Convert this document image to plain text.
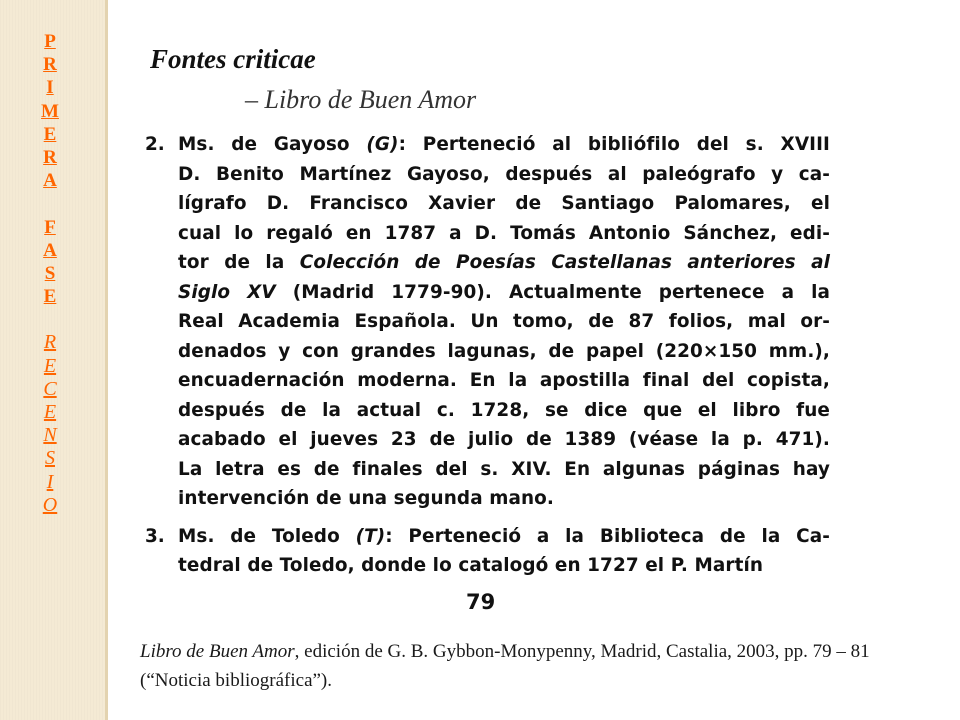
P
R
I
M
E
R
A

F
A
S
E

R
E
C
E
N
S
I
O
Fontes criticae
– Libro de Buen Amor
2. Ms. de Gayoso (G): Perteneció al bibliófilo del s. XVIII
D. Benito Martínez Gayoso, después al paleógrafo y ca-
lígrafo D. Francisco Xavier de Santiago Palomares, el
cual lo regaló en 1787 a D. Tomás Antonio Sánchez, edi-
tor de la Colección de Poesías Castellanas anteriores al
Siglo XV (Madrid 1779-90). Actualmente pertenece a la
Real Academia Española. Un tomo, de 87 folios, mal or-
denados y con grandes lagunas, de papel (220×150 mm.),
encuadernación moderna. En la apostilla final del copista,
después de la actual c. 1728, se dice que el libro fue
acabado el jueves 23 de julio de 1389 (véase la p. 471).
La letra es de finales del s. XIV. En algunas páginas hay
intervención de una segunda mano.
3. Ms. de Toledo (T): Perteneció a la Biblioteca de la Ca-
tedral de Toledo, donde lo catalogó en 1727 el P. Martín
79
Libro de Buen Amor, edición de G. B. Gybbon-Monypenny, Madrid, Castalia, 2003, pp. 79 – 81 (“Noticia bibliográfica”).
